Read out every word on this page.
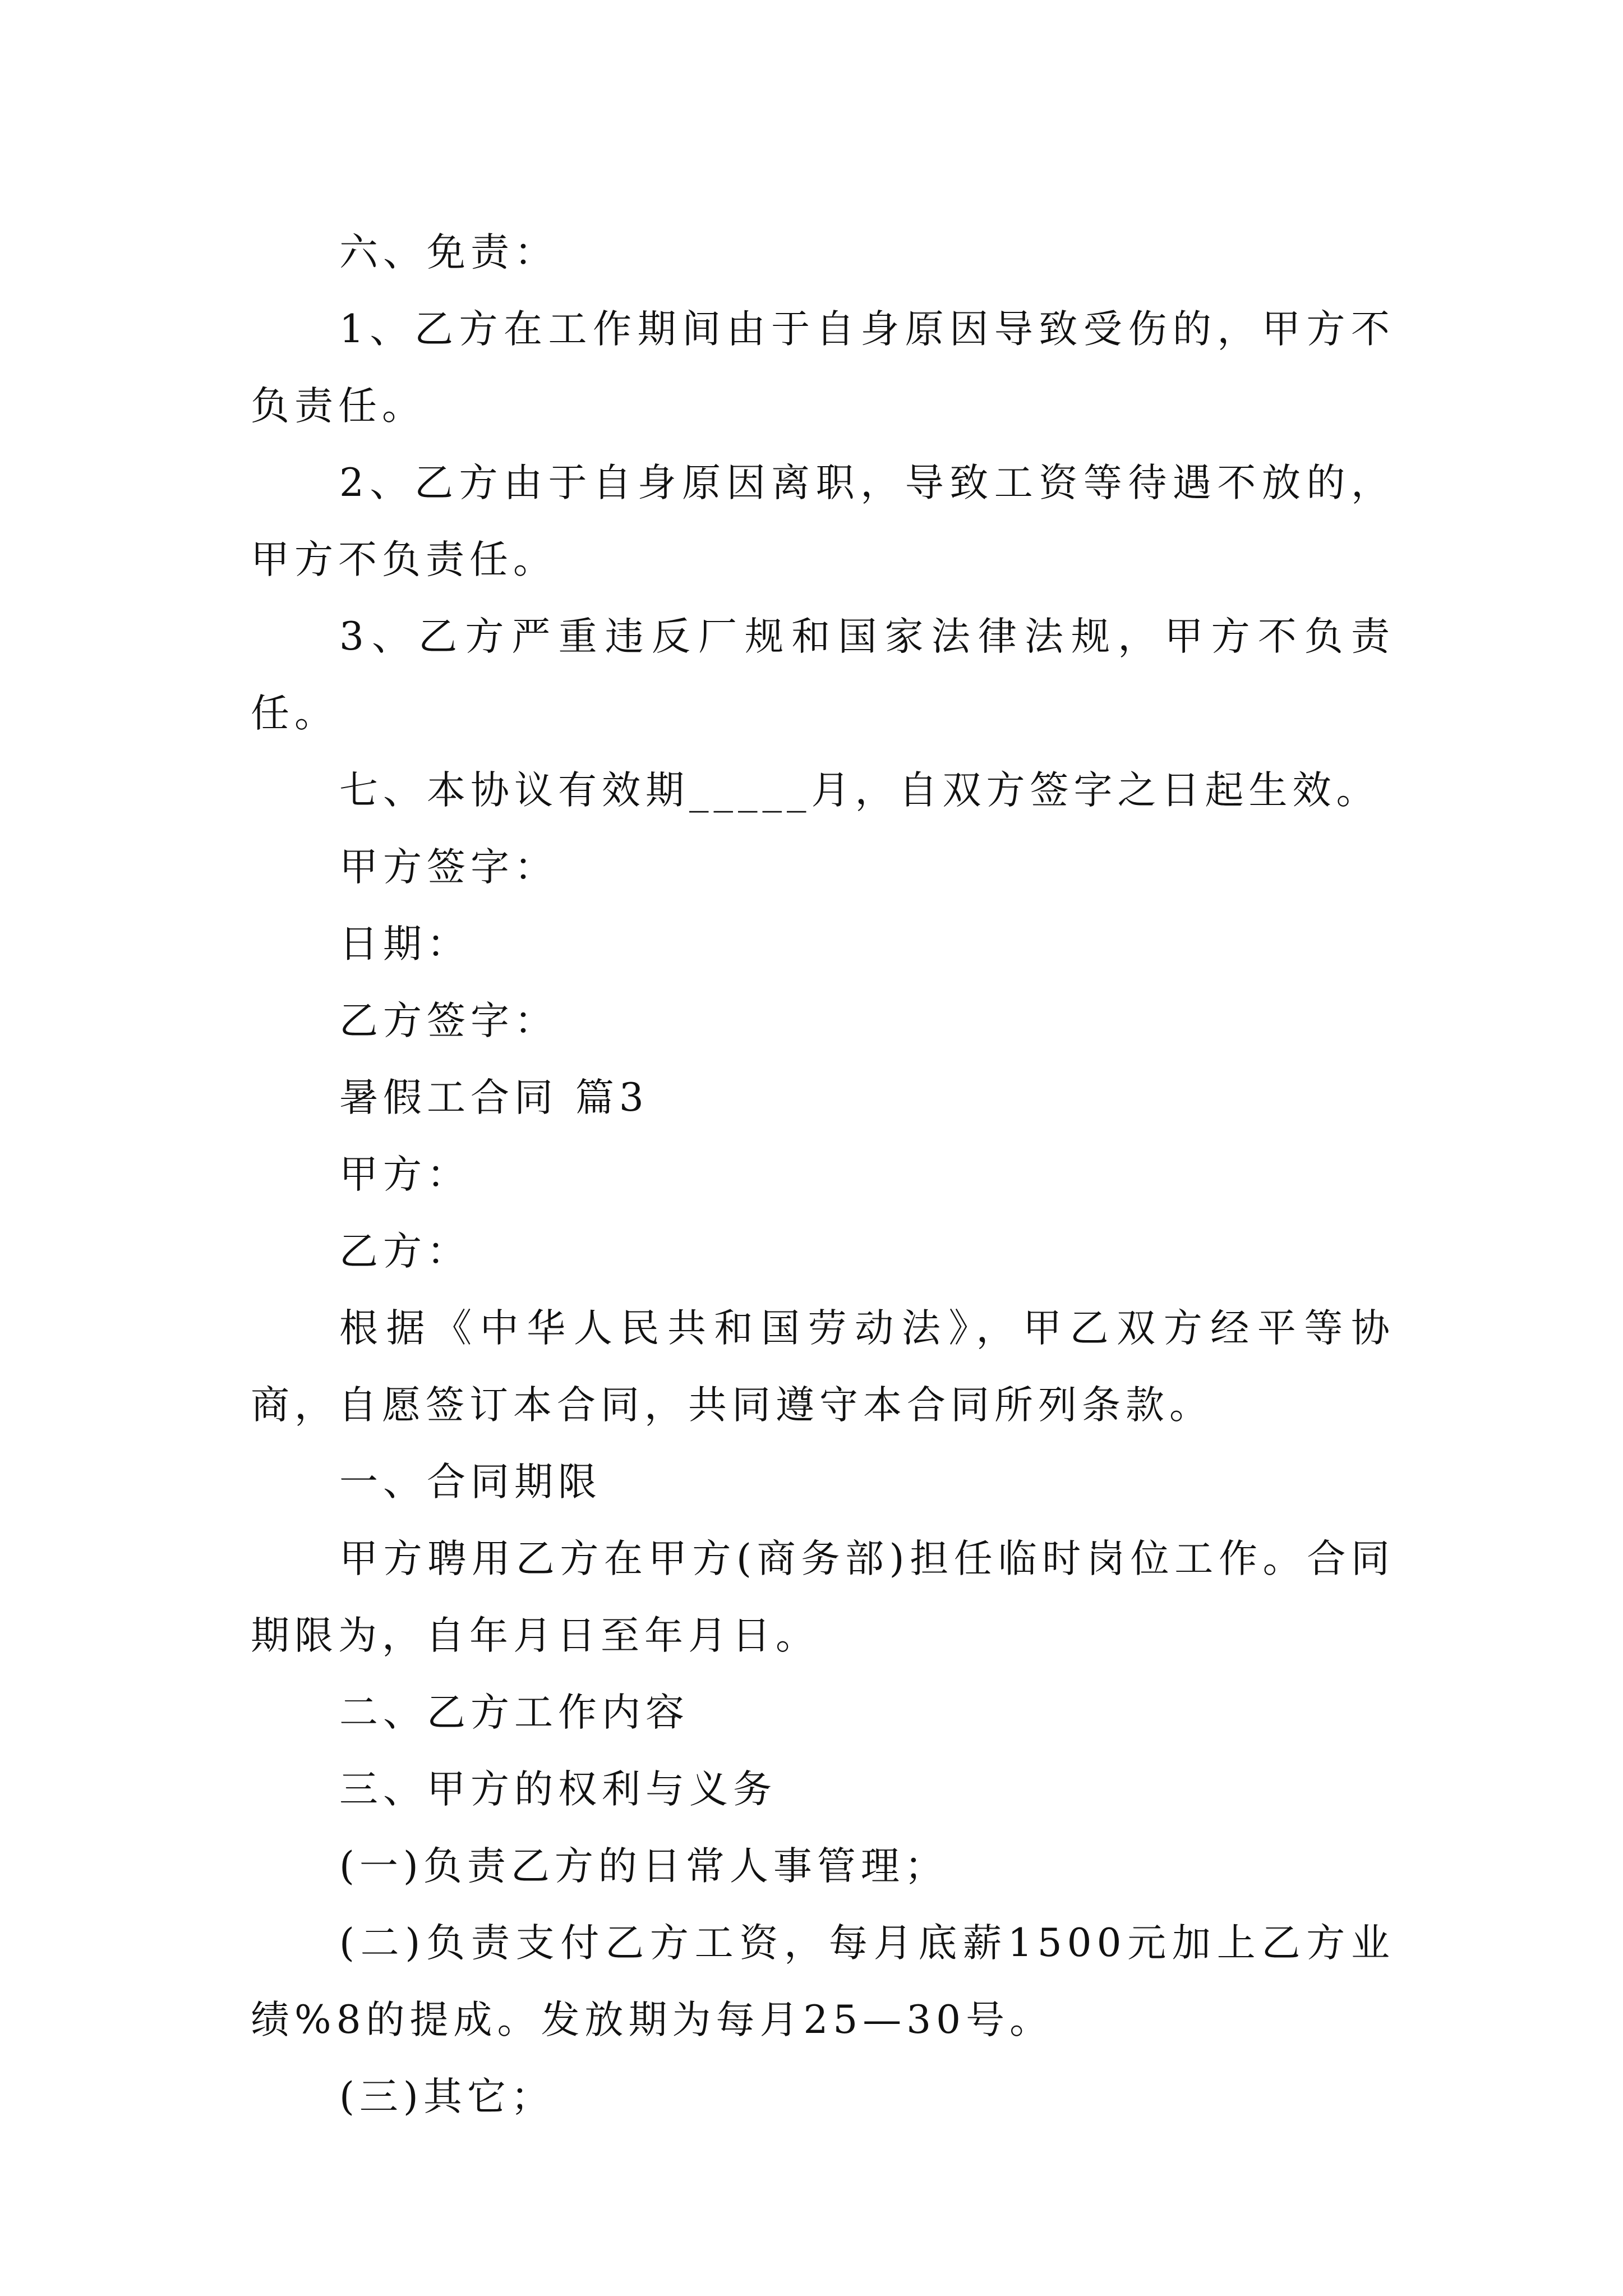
六、免责：

1、乙方在工作期间由于自身原因导致受伤的，甲方不负责任。

2、乙方由于自身原因离职，导致工资等待遇不放的，甲方不负责任。

3、乙方严重违反厂规和国家法律法规，甲方不负责任。

七、本协议有效期_____月，自双方签字之日起生效。

甲方签字：

日期：

乙方签字：

暑假工合同 篇3

甲方：

乙方：

根据《中华人民共和国劳动法》，甲乙双方经平等协商，自愿签订本合同，共同遵守本合同所列条款。

一、合同期限

甲方聘用乙方在甲方(商务部)担任临时岗位工作。合同期限为，自年月日至年月日。

二、乙方工作内容

三、甲方的权利与义务

(一)负责乙方的日常人事管理；

(二)负责支付乙方工资，每月底薪1500元加上乙方业绩%8的提成。发放期为每月25—30号。

(三)其它；
